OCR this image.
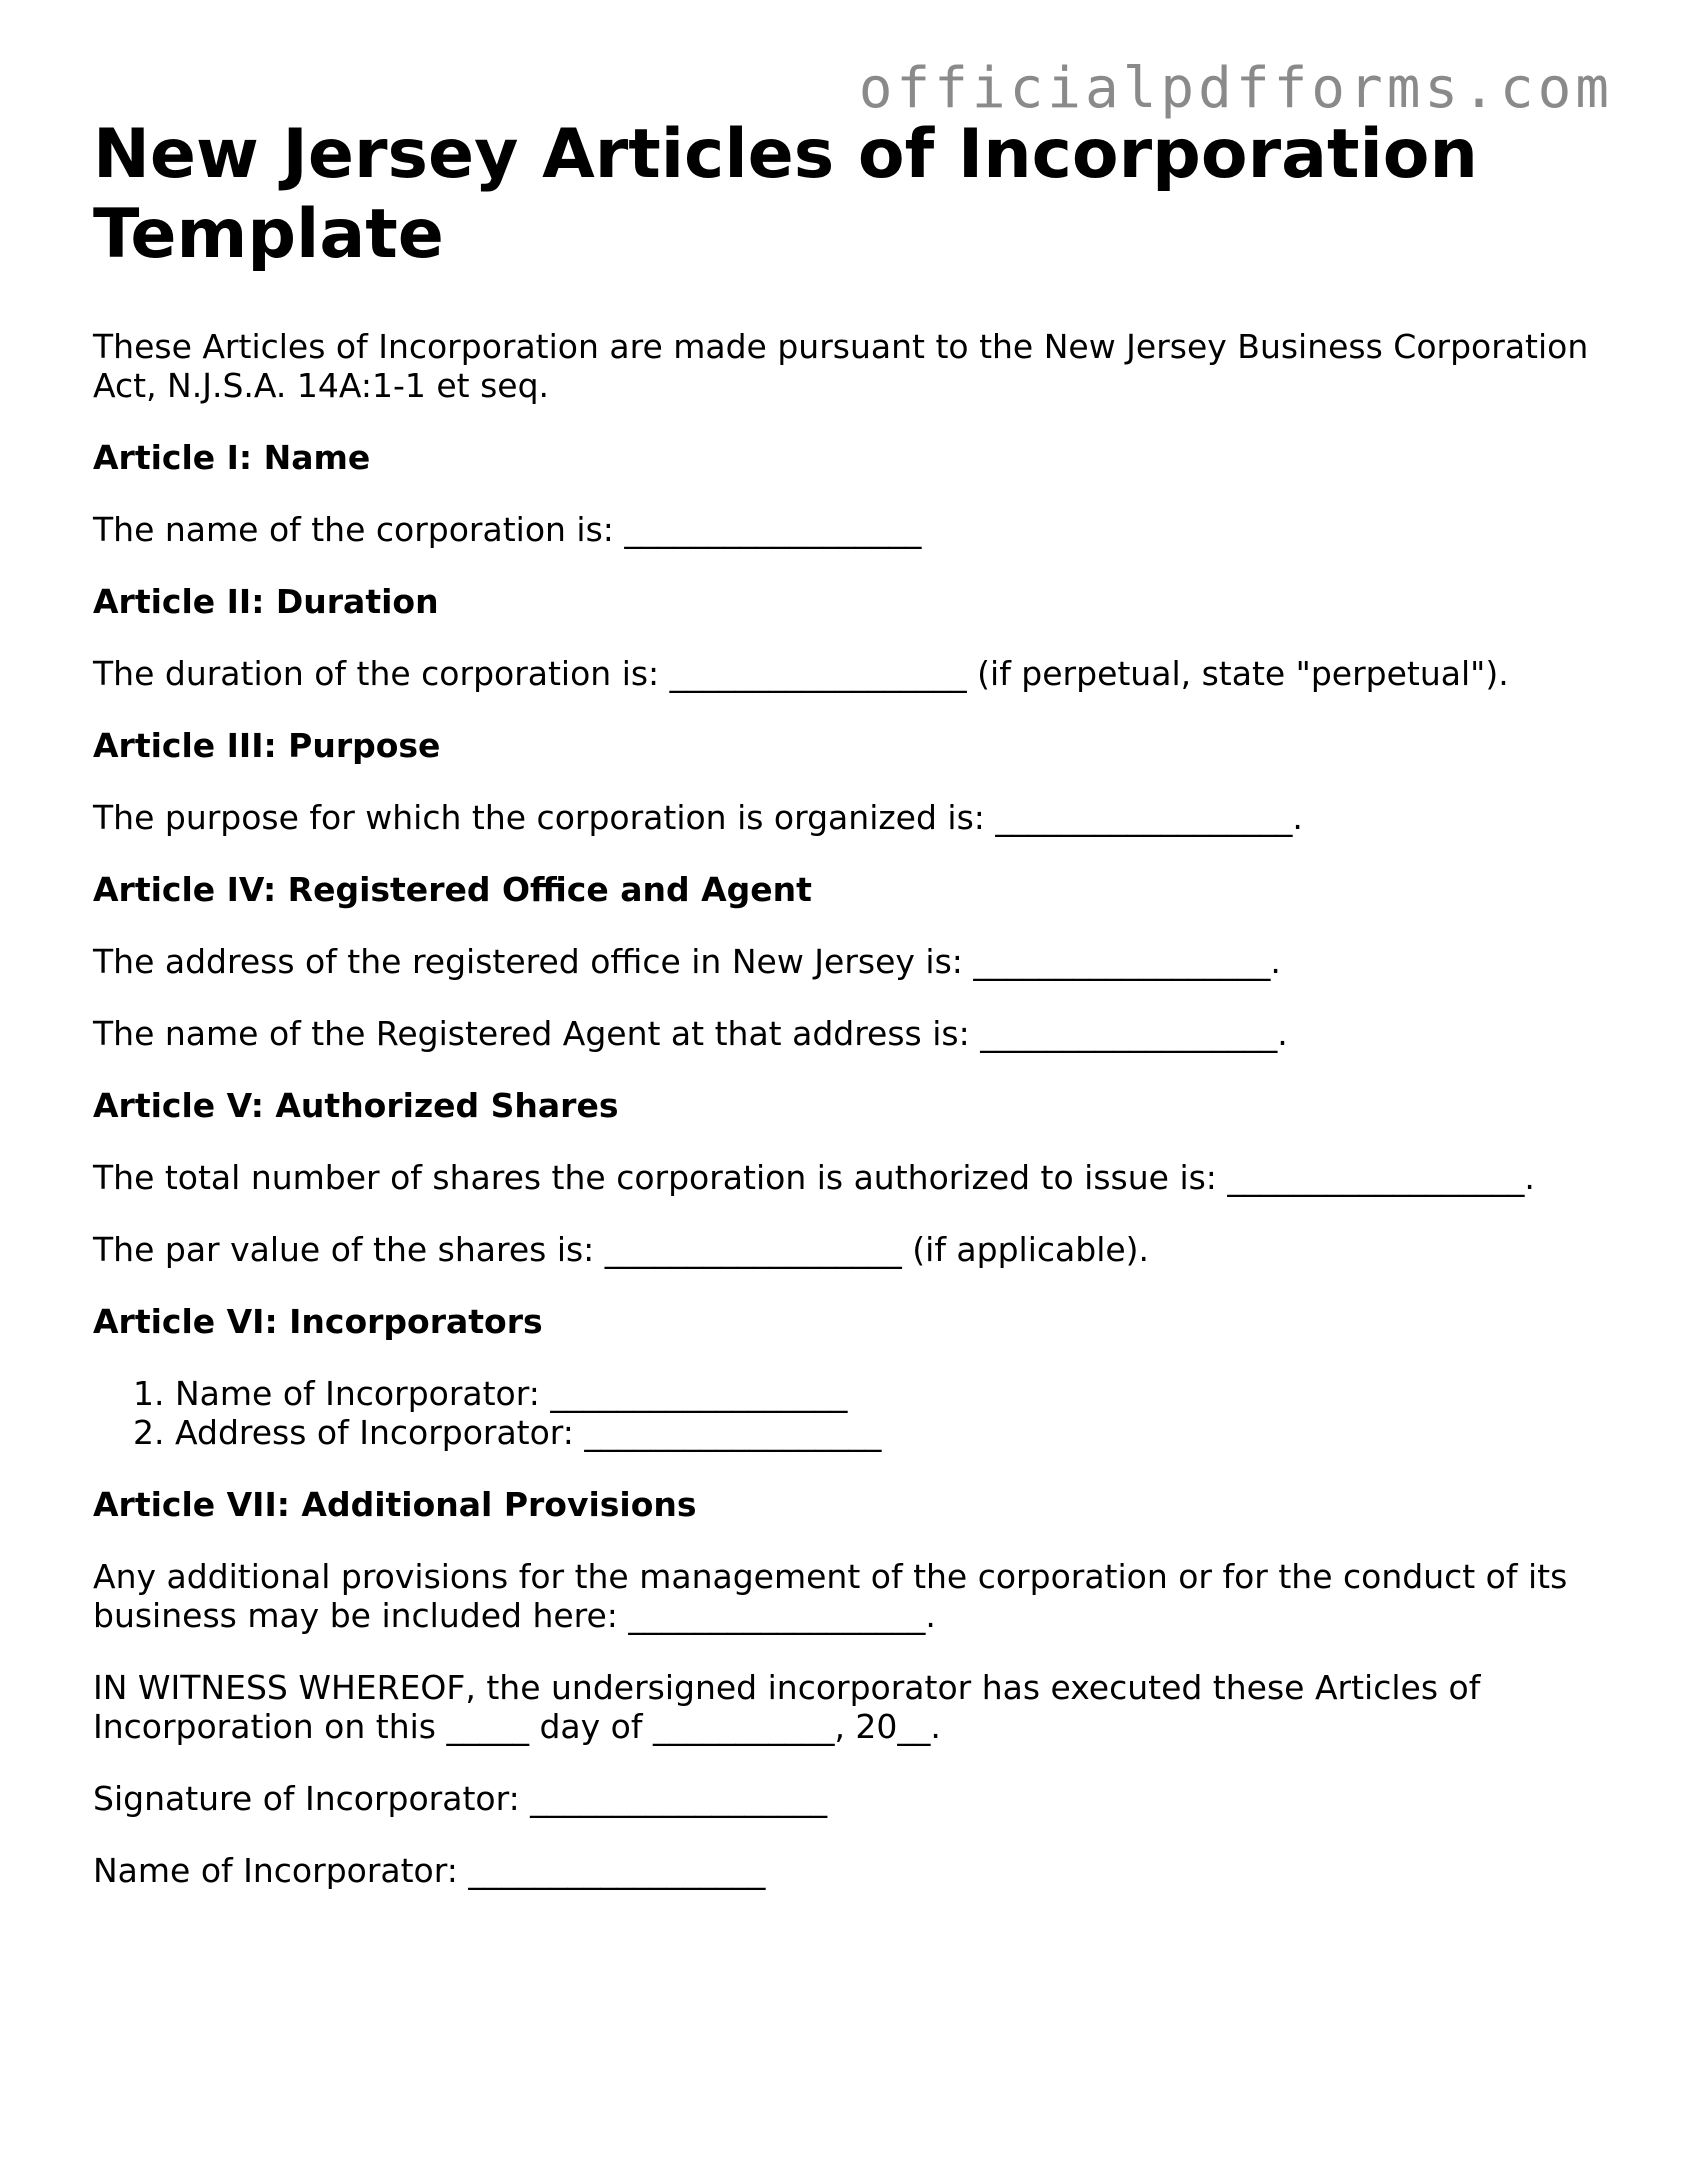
officialpdfforms.com
New Jersey Articles of Incorporation Template

These Articles of Incorporation are made pursuant to the New Jersey Business Corporation Act, N.J.S.A. 14A:1-1 et seq.

Article I: Name

The name of the corporation is: __________________

Article II: Duration

The duration of the corporation is: __________________ (if perpetual, state "perpetual").

Article III: Purpose

The purpose for which the corporation is organized is: __________________.

Article IV: Registered Office and Agent

The address of the registered office in New Jersey is: __________________.

The name of the Registered Agent at that address is: __________________.

Article V: Authorized Shares

The total number of shares the corporation is authorized to issue is: __________________.

The par value of the shares is: __________________ (if applicable).

Article VI: Incorporators
1. Name of Incorporator: __________________
2. Address of Incorporator: __________________
Article VII: Additional Provisions

Any additional provisions for the management of the corporation or for the conduct of its business may be included here: __________________.

IN WITNESS WHEREOF, the undersigned incorporator has executed these Articles of Incorporation on this _____ day of ___________, 20__.

Signature of Incorporator: __________________

Name of Incorporator: __________________
